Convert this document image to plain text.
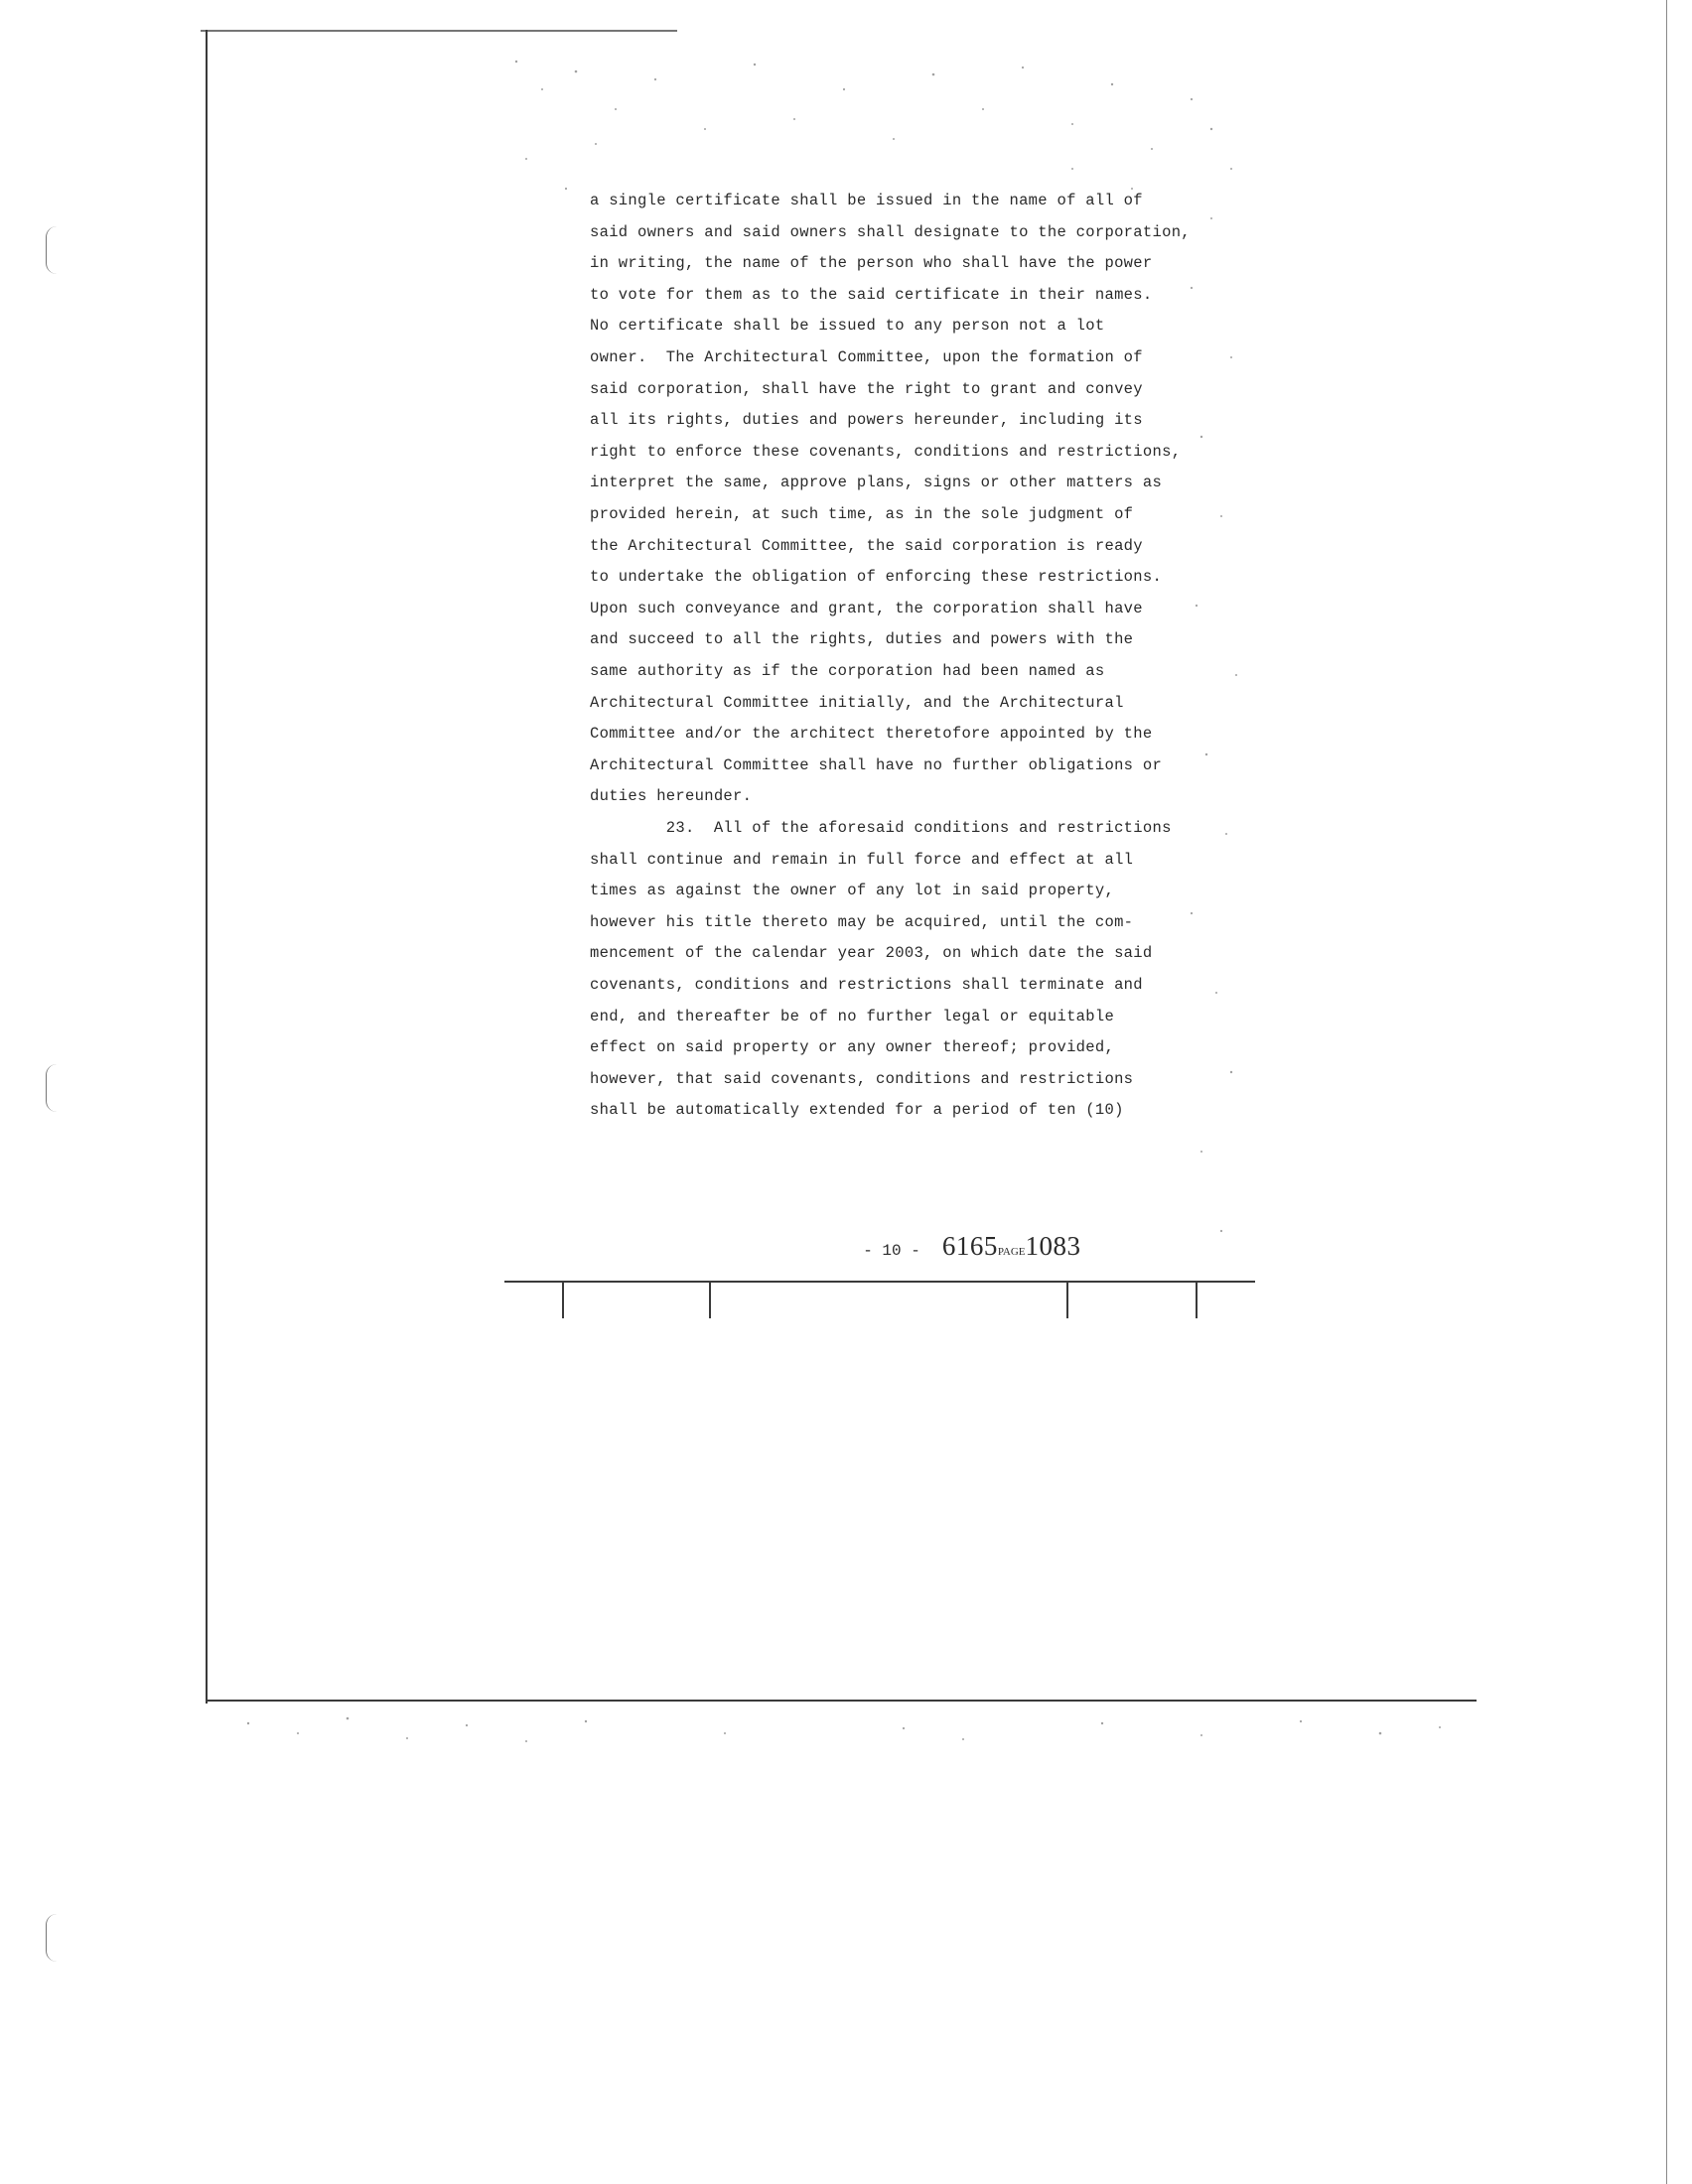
a single certificate shall be issued in the name of all of
said owners and said owners shall designate to the corporation,
in writing, the name of the person who shall have the power
to vote for them as to the said certificate in their names.
No certificate shall be issued to any person not a lot
owner.  The Architectural Committee, upon the formation of
said corporation, shall have the right to grant and convey
all its rights, duties and powers hereunder, including its
right to enforce these covenants, conditions and restrictions,
interpret the same, approve plans, signs or other matters as
provided herein, at such time, as in the sole judgment of
the Architectural Committee, the said corporation is ready
to undertake the obligation of enforcing these restrictions.
Upon such conveyance and grant, the corporation shall have
and succeed to all the rights, duties and powers with the
same authority as if the corporation had been named as
Architectural Committee initially, and the Architectural
Committee and/or the architect theretofore appointed by the
Architectural Committee shall have no further obligations or
duties hereunder.
23.  All of the aforesaid conditions and restrictions
shall continue and remain in full force and effect at all
times as against the owner of any lot in said property,
however his title thereto may be acquired, until the com-
mencement of the calendar year 2003, on which date the said
covenants, conditions and restrictions shall terminate and
end, and thereafter be of no further legal or equitable
effect on said property or any owner thereof; provided,
however, that said covenants, conditions and restrictions
shall be automatically extended for a period of ten (10)

- 10 - 6165PAGE1083
